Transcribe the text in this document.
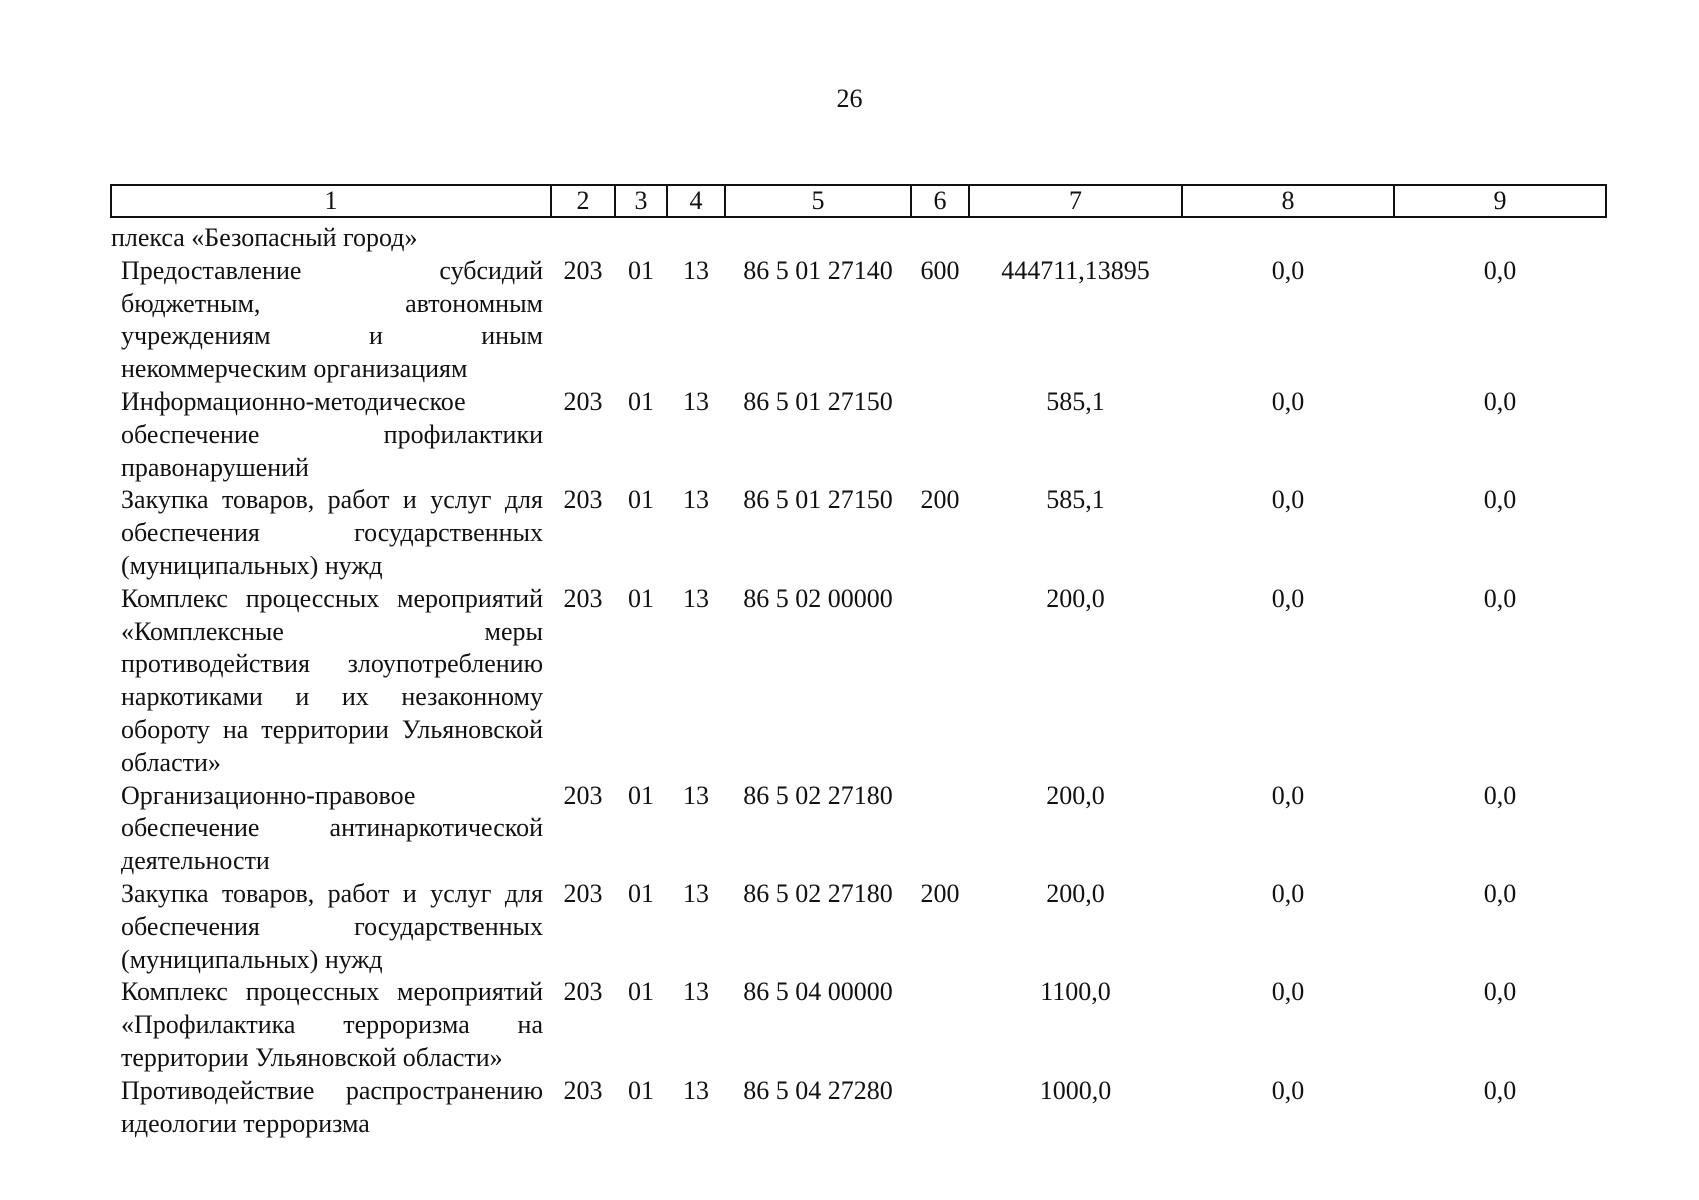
26
1	2	3	4	5	6	7	8	9
плекса «Безопасный город»								
Предоставление субсидий бюджетным, автономным учреждениям и иным некоммерческим организациям	203	01	13	86 5 01 27140	600	444711,13895	0,0	0,0
Информационно-методическое обеспечение профилактики правонарушений	203	01	13	86 5 01 27150		585,1	0,0	0,0
Закупка товаров, работ и услуг для обеспечения государственных (муниципальных) нужд	203	01	13	86 5 01 27150	200	585,1	0,0	0,0
Комплекс процессных мероприятий «Комплексные меры противодействия злоупотреблению наркотиками и их незаконному обороту на территории Ульяновской области»	203	01	13	86 5 02 00000		200,0	0,0	0,0
Организационно-правовое обеспечение антинаркотической деятельности	203	01	13	86 5 02 27180		200,0	0,0	0,0
Закупка товаров, работ и услуг для обеспечения государственных (муниципальных) нужд	203	01	13	86 5 02 27180	200	200,0	0,0	0,0
Комплекс процессных мероприятий «Профилактика терроризма на территории Ульяновской области»	203	01	13	86 5 04 00000		1100,0	0,0	0,0
Противодействие распространению идеологии терроризма	203	01	13	86 5 04 27280		1000,0	0,0	0,0
